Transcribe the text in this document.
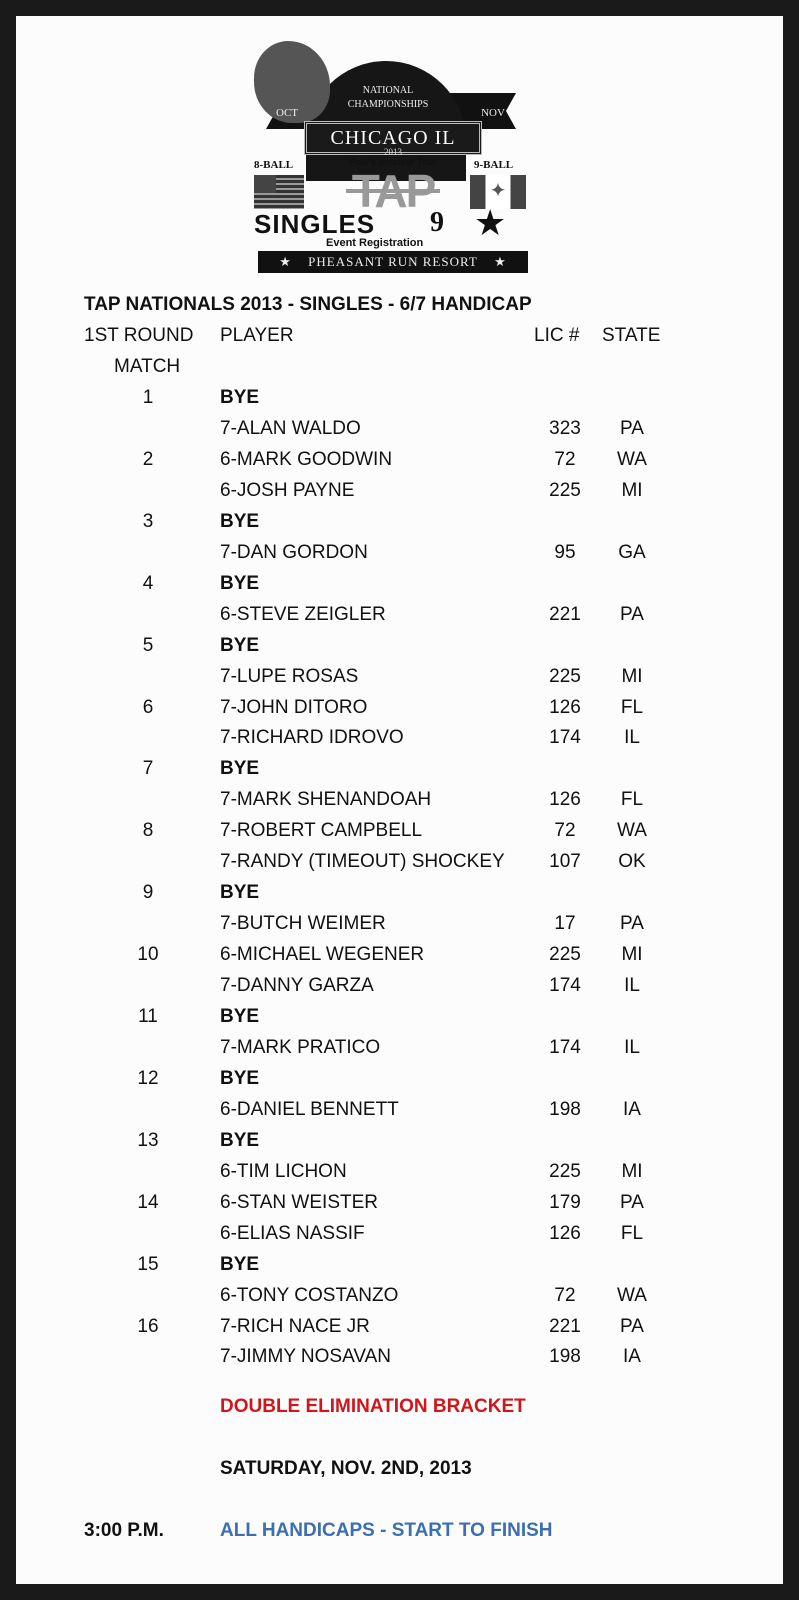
NATIONAL
CHAMPIONSHIPS
OCT	NOV
CHICAGO IL
2013
Pool's Amateur Tour
8-BALL	9-BALL
✦
TAP
SINGLES 9 ★
Event Registration
★ PHEASANT RUN RESORT ★
TAP NATIONALS 2013 - SINGLES - 6/7 HANDICAP
1ST ROUND
MATCH
PLAYER	LIC # STATE
1	BYE
7-ALAN WALDO	323	PA
2	6-MARK GOODWIN	72	WA
6-JOSH PAYNE	225	MI
3	BYE
7-DAN GORDON	95	GA
4	BYE
6-STEVE ZEIGLER	221	PA
5	BYE
7-LUPE ROSAS	225	MI
6	7-JOHN DITORO	126	FL
7-RICHARD IDROVO	174	IL
7	BYE
7-MARK SHENANDOAH	126	FL
8	7-ROBERT CAMPBELL	72	WA
7-RANDY (TIMEOUT) SHOCKEY	107	OK
9	BYE
7-BUTCH WEIMER	17	PA
10	6-MICHAEL WEGENER	225	MI
7-DANNY GARZA	174	IL
11	BYE
7-MARK PRATICO	174	IL
12	BYE
6-DANIEL BENNETT	198	IA
13	BYE
6-TIM LICHON	225	MI
14	6-STAN WEISTER	179	PA
6-ELIAS NASSIF	126	FL
15	BYE
6-TONY COSTANZO	72	WA
16	7-RICH NACE JR	221	PA
7-JIMMY NOSAVAN	198	IA
DOUBLE ELIMINATION BRACKET
SATURDAY, NOV. 2ND, 2013
3:00 P.M.	ALL HANDICAPS - START TO FINISH
